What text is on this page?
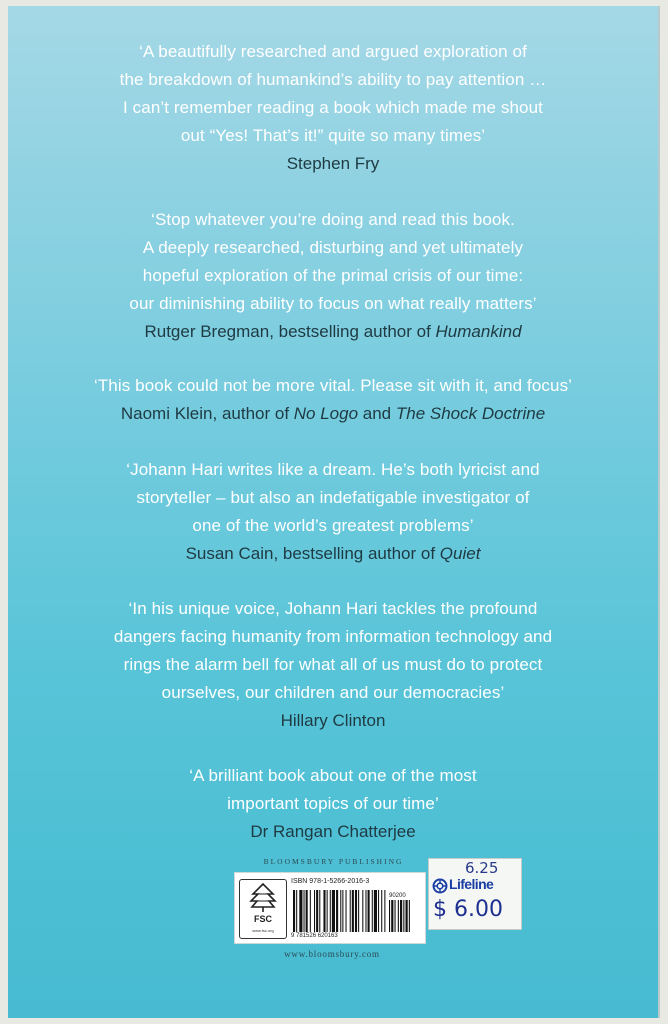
‘A beautifully researched and argued exploration of
the breakdown of humankind’s ability to pay attention …
I can’t remember reading a book which made me shout
out “Yes! That’s it!” quite so many times’
Stephen Fry
‘Stop whatever you’re doing and read this book.
A deeply researched, disturbing and yet ultimately
hopeful exploration of the primal crisis of our time:
our diminishing ability to focus on what really matters’
Rutger Bregman, bestselling author of Humankind
‘This book could not be more vital. Please sit with it, and focus’
Naomi Klein, author of No Logo and The Shock Doctrine
‘Johann Hari writes like a dream. He’s both lyricist and
storyteller – but also an indefatigable investigator of
one of the world’s greatest problems’
Susan Cain, bestselling author of Quiet
‘In his unique voice, Johann Hari tackles the profound
dangers facing humanity from information technology and
rings the alarm bell for what all of us must do to protect
ourselves, our children and our democracies’
Hillary Clinton
‘A brilliant book about one of the most
important topics of our time’
Dr Rangan Chatterjee
BLOOMSBURY PUBLISHING
FSC
www.fsc.org
ISBN 978-1-5266-2016-3
90200
9 781526 620163
www.bloomsbury.com
6.25
Lifeline
$ 6.00
